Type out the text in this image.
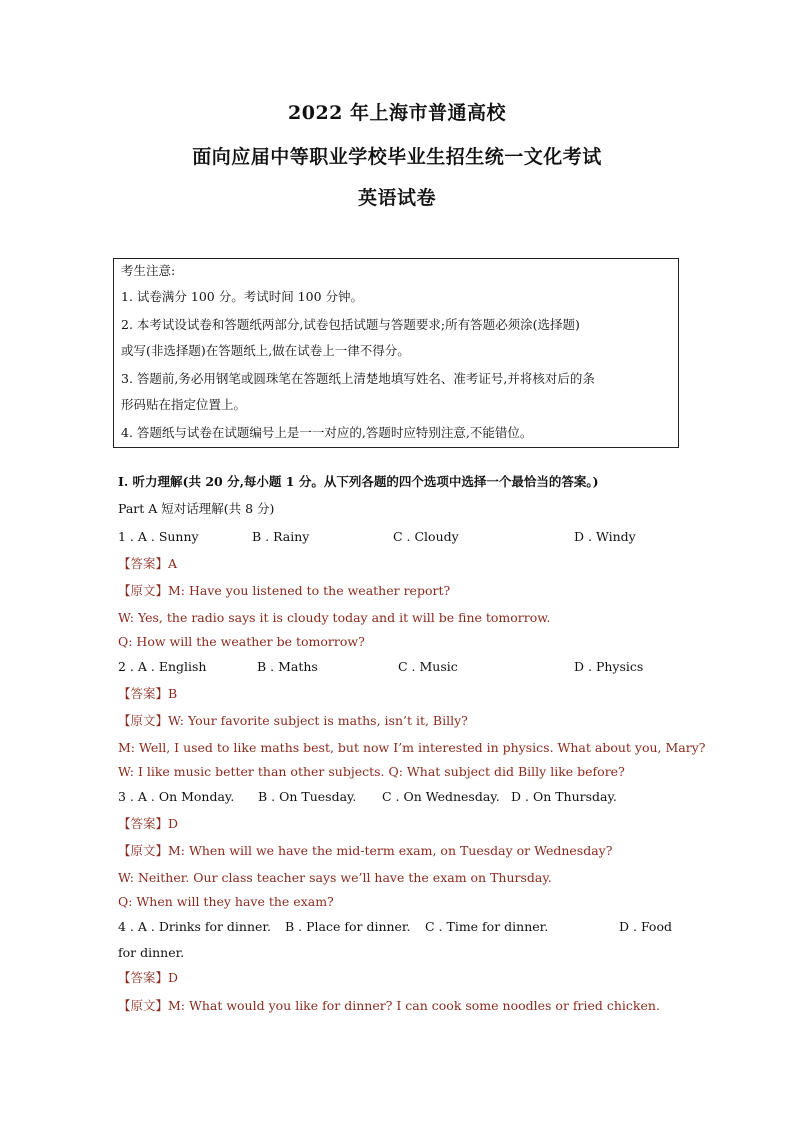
2022 年上海市普通高校
面向应届中等职业学校毕业生招生统一文化考试
英语试卷
考生注意:
1. 试卷满分 100 分。考试时间 100 分钟。
2. 本考试设试卷和答题纸两部分,试卷包括试题与答题要求;所有答题必须涂(选择题)
或写(非选择题)在答题纸上,做在试卷上一律不得分。
3. 答题前,务必用钢笔或圆珠笔在答题纸上清楚地填写姓名、准考证号,并将核对后的条
形码贴在指定位置上。
4. 答题纸与试卷在试题编号上是一一对应的,答题时应特别注意,不能错位。
Ⅰ. 听力理解(共 20 分,每小题 1 分。从下列各题的四个选项中选择一个最恰当的答案。)
Part A 短对话理解(共 8 分)
1 . A . Sunny	B . Rainy	C . Cloudy	D . Windy
【答案】A
【原文】M: Have you listened to the weather report?
W: Yes, the radio says it is cloudy today and it will be fine tomorrow.
Q: How will the weather be tomorrow?
2 . A . English	B . Maths	C . Music	D . Physics
【答案】B
【原文】W: Your favorite subject is maths, isn’t it, Billy?
M: Well, I used to like maths best, but now I’m interested in physics. What about you, Mary?
W: I like music better than other subjects. Q: What subject did Billy like before?
3 . A . On Monday. B . On Tuesday. C . On Wednesday. D . On Thursday.
【答案】D
【原文】M: When will we have the mid-term exam, on Tuesday or Wednesday?
W: Neither. Our class teacher says we’ll have the exam on Thursday.
Q: When will they have the exam?
4 . A . Drinks for dinner. B . Place for dinner. C . Time for dinner.	D . Food
for dinner.
【答案】D
【原文】M: What would you like for dinner? I can cook some noodles or fried chicken.
